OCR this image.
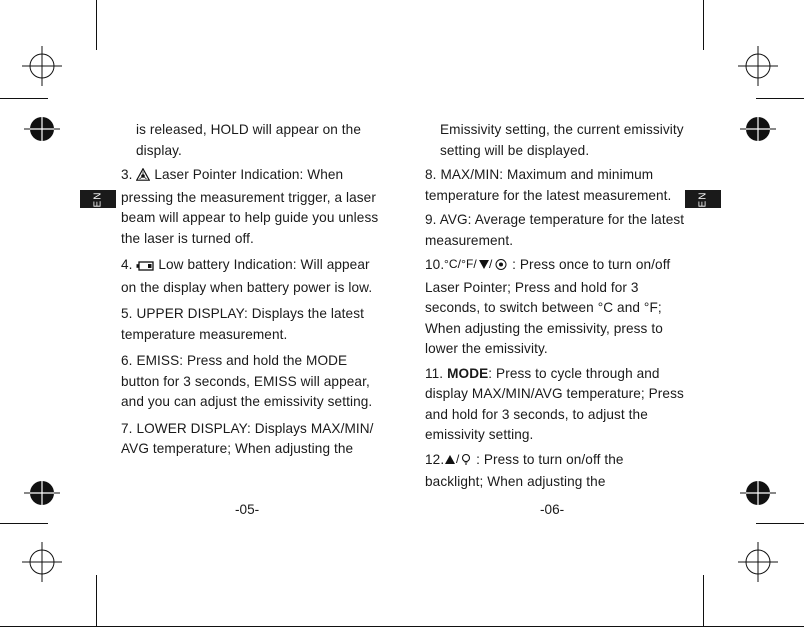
EN	EN

is released, HOLD will appear on the display.

3. Laser Pointer Indication: When pressing the measurement trigger, a laser beam will appear to help guide you unless the laser is turned off.

4. Low battery Indication: Will appear on the display when battery power is low.

5. UPPER DISPLAY: Displays the latest temperature measurement.

6. EMISS: Press and hold the MODE button for 3 seconds, EMISS will appear, and you can adjust the emissivity setting.

7. LOWER DISPLAY: Displays MAX/MIN/ AVG temperature; When adjusting the

-05-

Emissivity setting, the current emissivity setting will be displayed.

8. MAX/MIN: Maximum and minimum temperature for the latest measurement.

9. AVG: Average temperature for the latest measurement.

10. °C/°F/ / : Press once to turn on/off Laser Pointer; Press and hold for 3 seconds, to switch between °C and °F; When adjusting the emissivity, press to lower the emissivity.

11. MODE: Press to cycle through and display MAX/MIN/AVG temperature; Press and hold for 3 seconds, to adjust the emissivity setting.

12. / : Press to turn on/off the backlight; When adjusting the

-06-
